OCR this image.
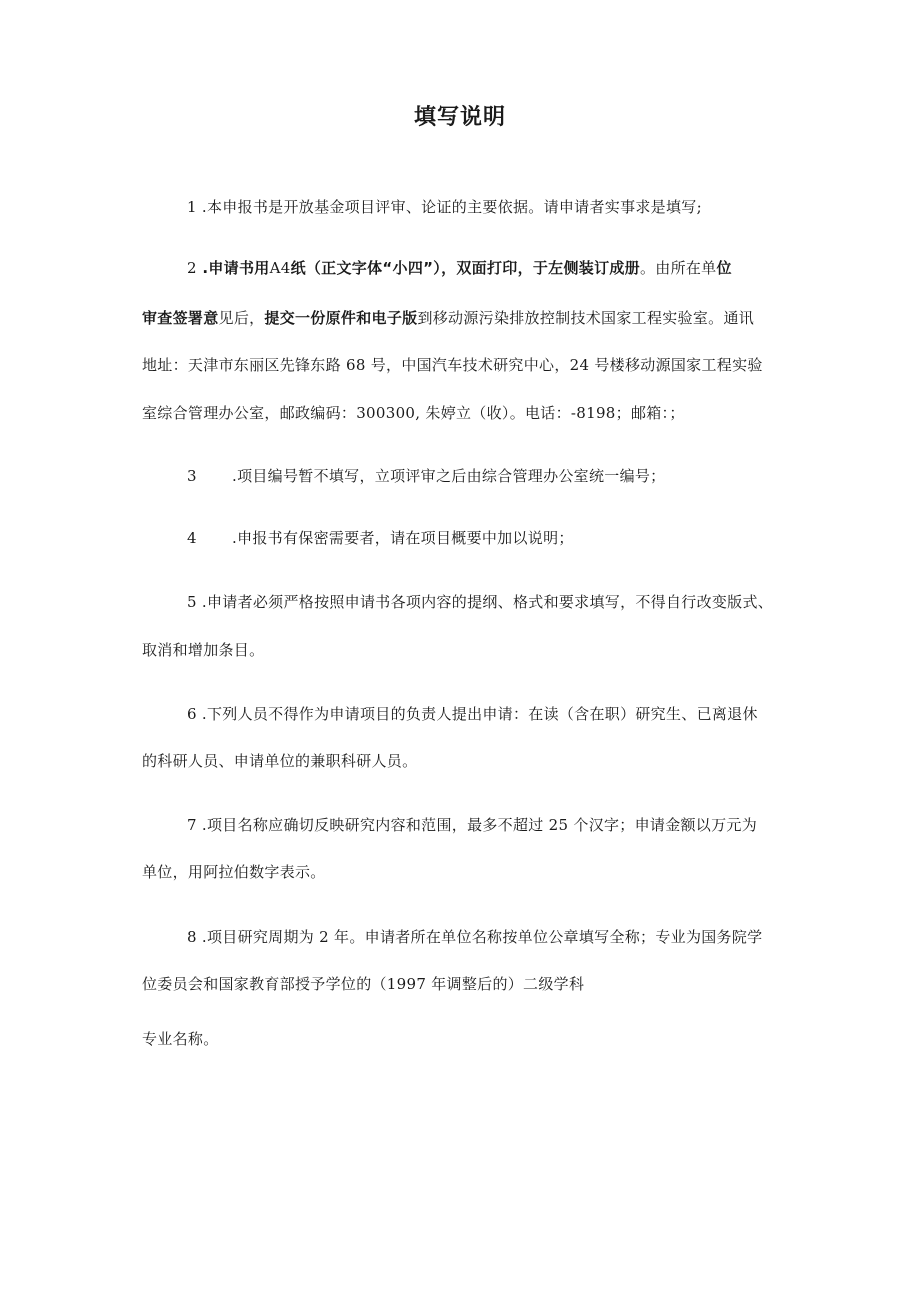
填写说明
1 .本申报书是开放基金项目评审、论证的主要依据。请申请者实事求是填写;
2 .申请书用A4纸（正文字体“小四”），双面打印，于左侧装订成册。由所在单位
审查签署意见后，提交一份原件和电子版到移动源污染排放控制技术国家工程实验室。通讯
地址：天津市东丽区先锋东路 68 号，中国汽车技术研究中心，24 号楼移动源国家工程实验
室综合管理办公室，邮政编码：300300, 朱婷立（收）。电话：-8198；邮箱：；
3 .项目编号暂不填写，立项评审之后由综合管理办公室统一编号；
4 .申报书有保密需要者，请在项目概要中加以说明；
5 .申请者必须严格按照申请书各项内容的提纲、格式和要求填写，不得自行改变版式、
取消和增加条目。
6 .下列人员不得作为申请项目的负责人提出申请：在读（含在职）研究生、已离退休
的科研人员、申请单位的兼职科研人员。
7 .项目名称应确切反映研究内容和范围，最多不超过 25 个汉字；申请金额以万元为
单位，用阿拉伯数字表示。
8 .项目研究周期为 2 年。申请者所在单位名称按单位公章填写全称；专业为国务院学
位委员会和国家教育部授予学位的（1997 年调整后的）二级学科
专业名称。
